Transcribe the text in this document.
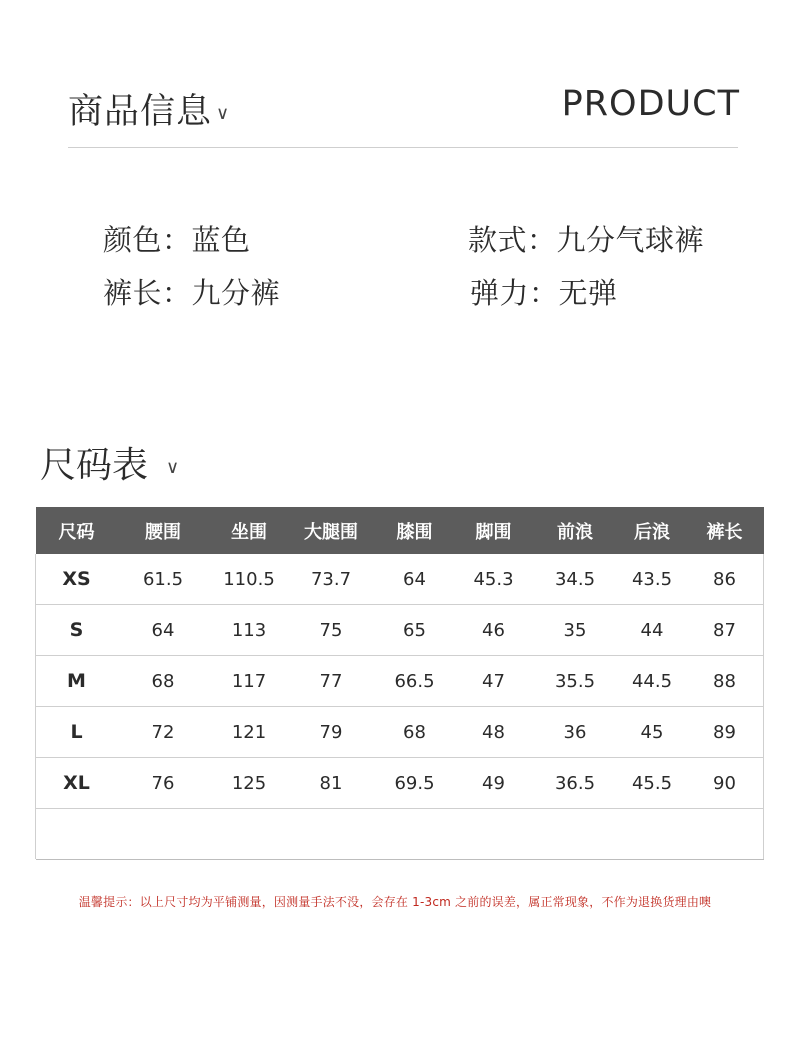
商品信息 ∨	PRODUCT
颜色：蓝色	款式：九分气球裤
裤长：九分裤	弹力：无弹
尺码表 ∨
尺码	腰围	坐围	大腿围	膝围	脚围	前浪	后浪	裤长
XS	61.5	110.5	73.7	64	45.3	34.5	43.5	86
S	64	113	75	65	46	35	44	87
M	68	117	77	66.5	47	35.5	44.5	88
L	72	121	79	68	48	36	45	89
XL	76	125	81	69.5	49	36.5	45.5	90

温馨提示：以上尺寸均为平铺测量，因测量手法不没，会存在 1-3cm 之前的误差，属正常现象，不作为退换货理由噢
